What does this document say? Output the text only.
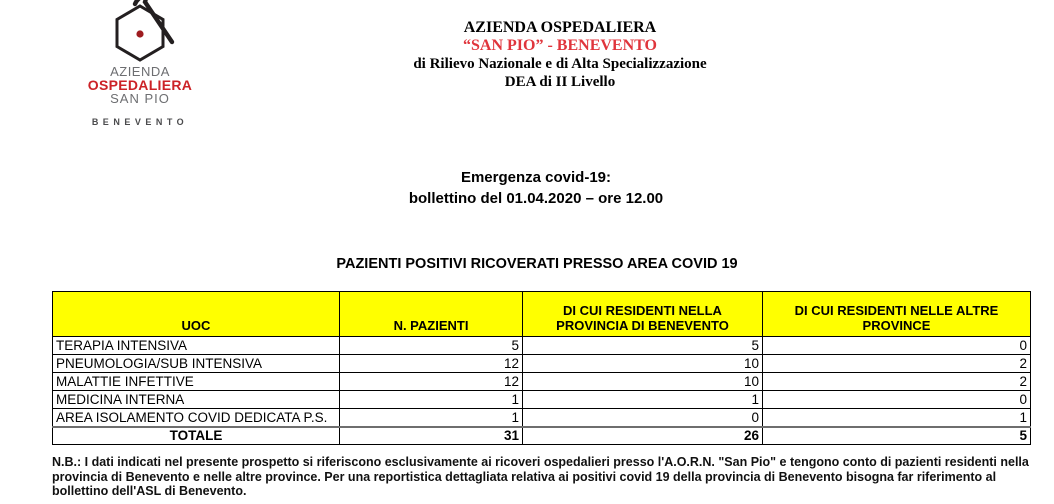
AZIENDA
OSPEDALIERA
SAN PIO
BENEVENTO
AZIENDA OSPEDALIERA
“SAN PIO” - BENEVENTO
di Rilievo Nazionale e di Alta Specializzazione
DEA di II Livello
Emergenza covid-19:
bollettino del 01.04.2020 – ore 12.00
PAZIENTI POSITIVI RICOVERATI PRESSO AREA COVID 19
UOC	N. PAZIENTI	DI CUI RESIDENTI NELLA PROVINCIA DI BENEVENTO	DI CUI RESIDENTI NELLE ALTRE PROVINCE
TERAPIA INTENSIVA	5	5	0
PNEUMOLOGIA/SUB INTENSIVA	12	10	2
MALATTIE INFETTIVE	12	10	2
MEDICINA INTERNA	1	1	0
AREA ISOLAMENTO COVID DEDICATA P.S.	1	0	1
TOTALE	31	26	5
N.B.: I dati indicati nel presente prospetto si riferiscono esclusivamente ai ricoveri ospedalieri presso l'A.O.R.N. "San Pio" e tengono conto di pazienti residenti nella provincia di Benevento e nelle altre province. Per una reportistica dettagliata relativa ai positivi covid 19 della provincia di Benevento bisogna far riferimento al bollettino dell'ASL di Benevento.
